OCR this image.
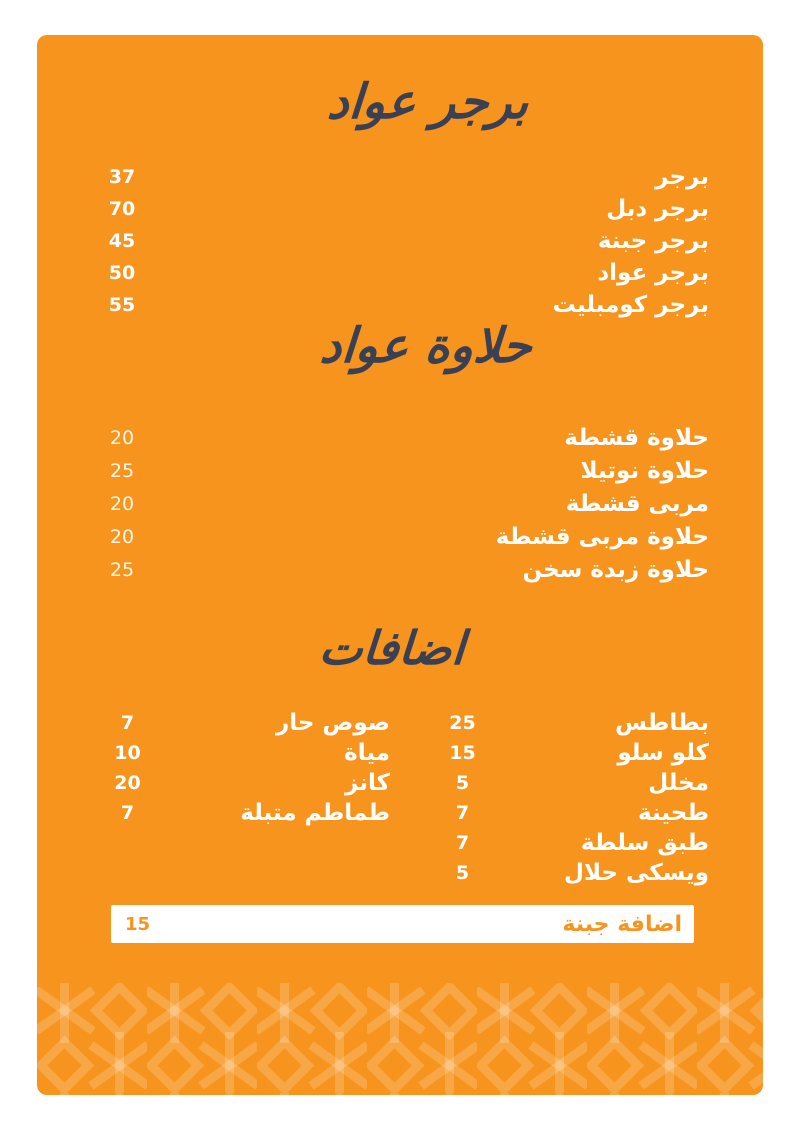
برجر عواد
37	برجر
70	برجر دبل
45	برجر جبنة
50	برجر عواد
55	برجر كومبليت
حلاوة عواد
20	حلاوة قشطة
25	حلاوة نوتيلا
20	مربى قشطة
20	حلاوة مربى قشطة
25	حلاوة زبدة سخن
اضافات
25	بطاطس
15	كلو سلو
5	مخلل
7	طحينة
7	طبق سلطة
5	ويسكى حلال
7	صوص حار
10	مياة
20	كانز
7	طماطم متبلة
15	اضافة جبنة
